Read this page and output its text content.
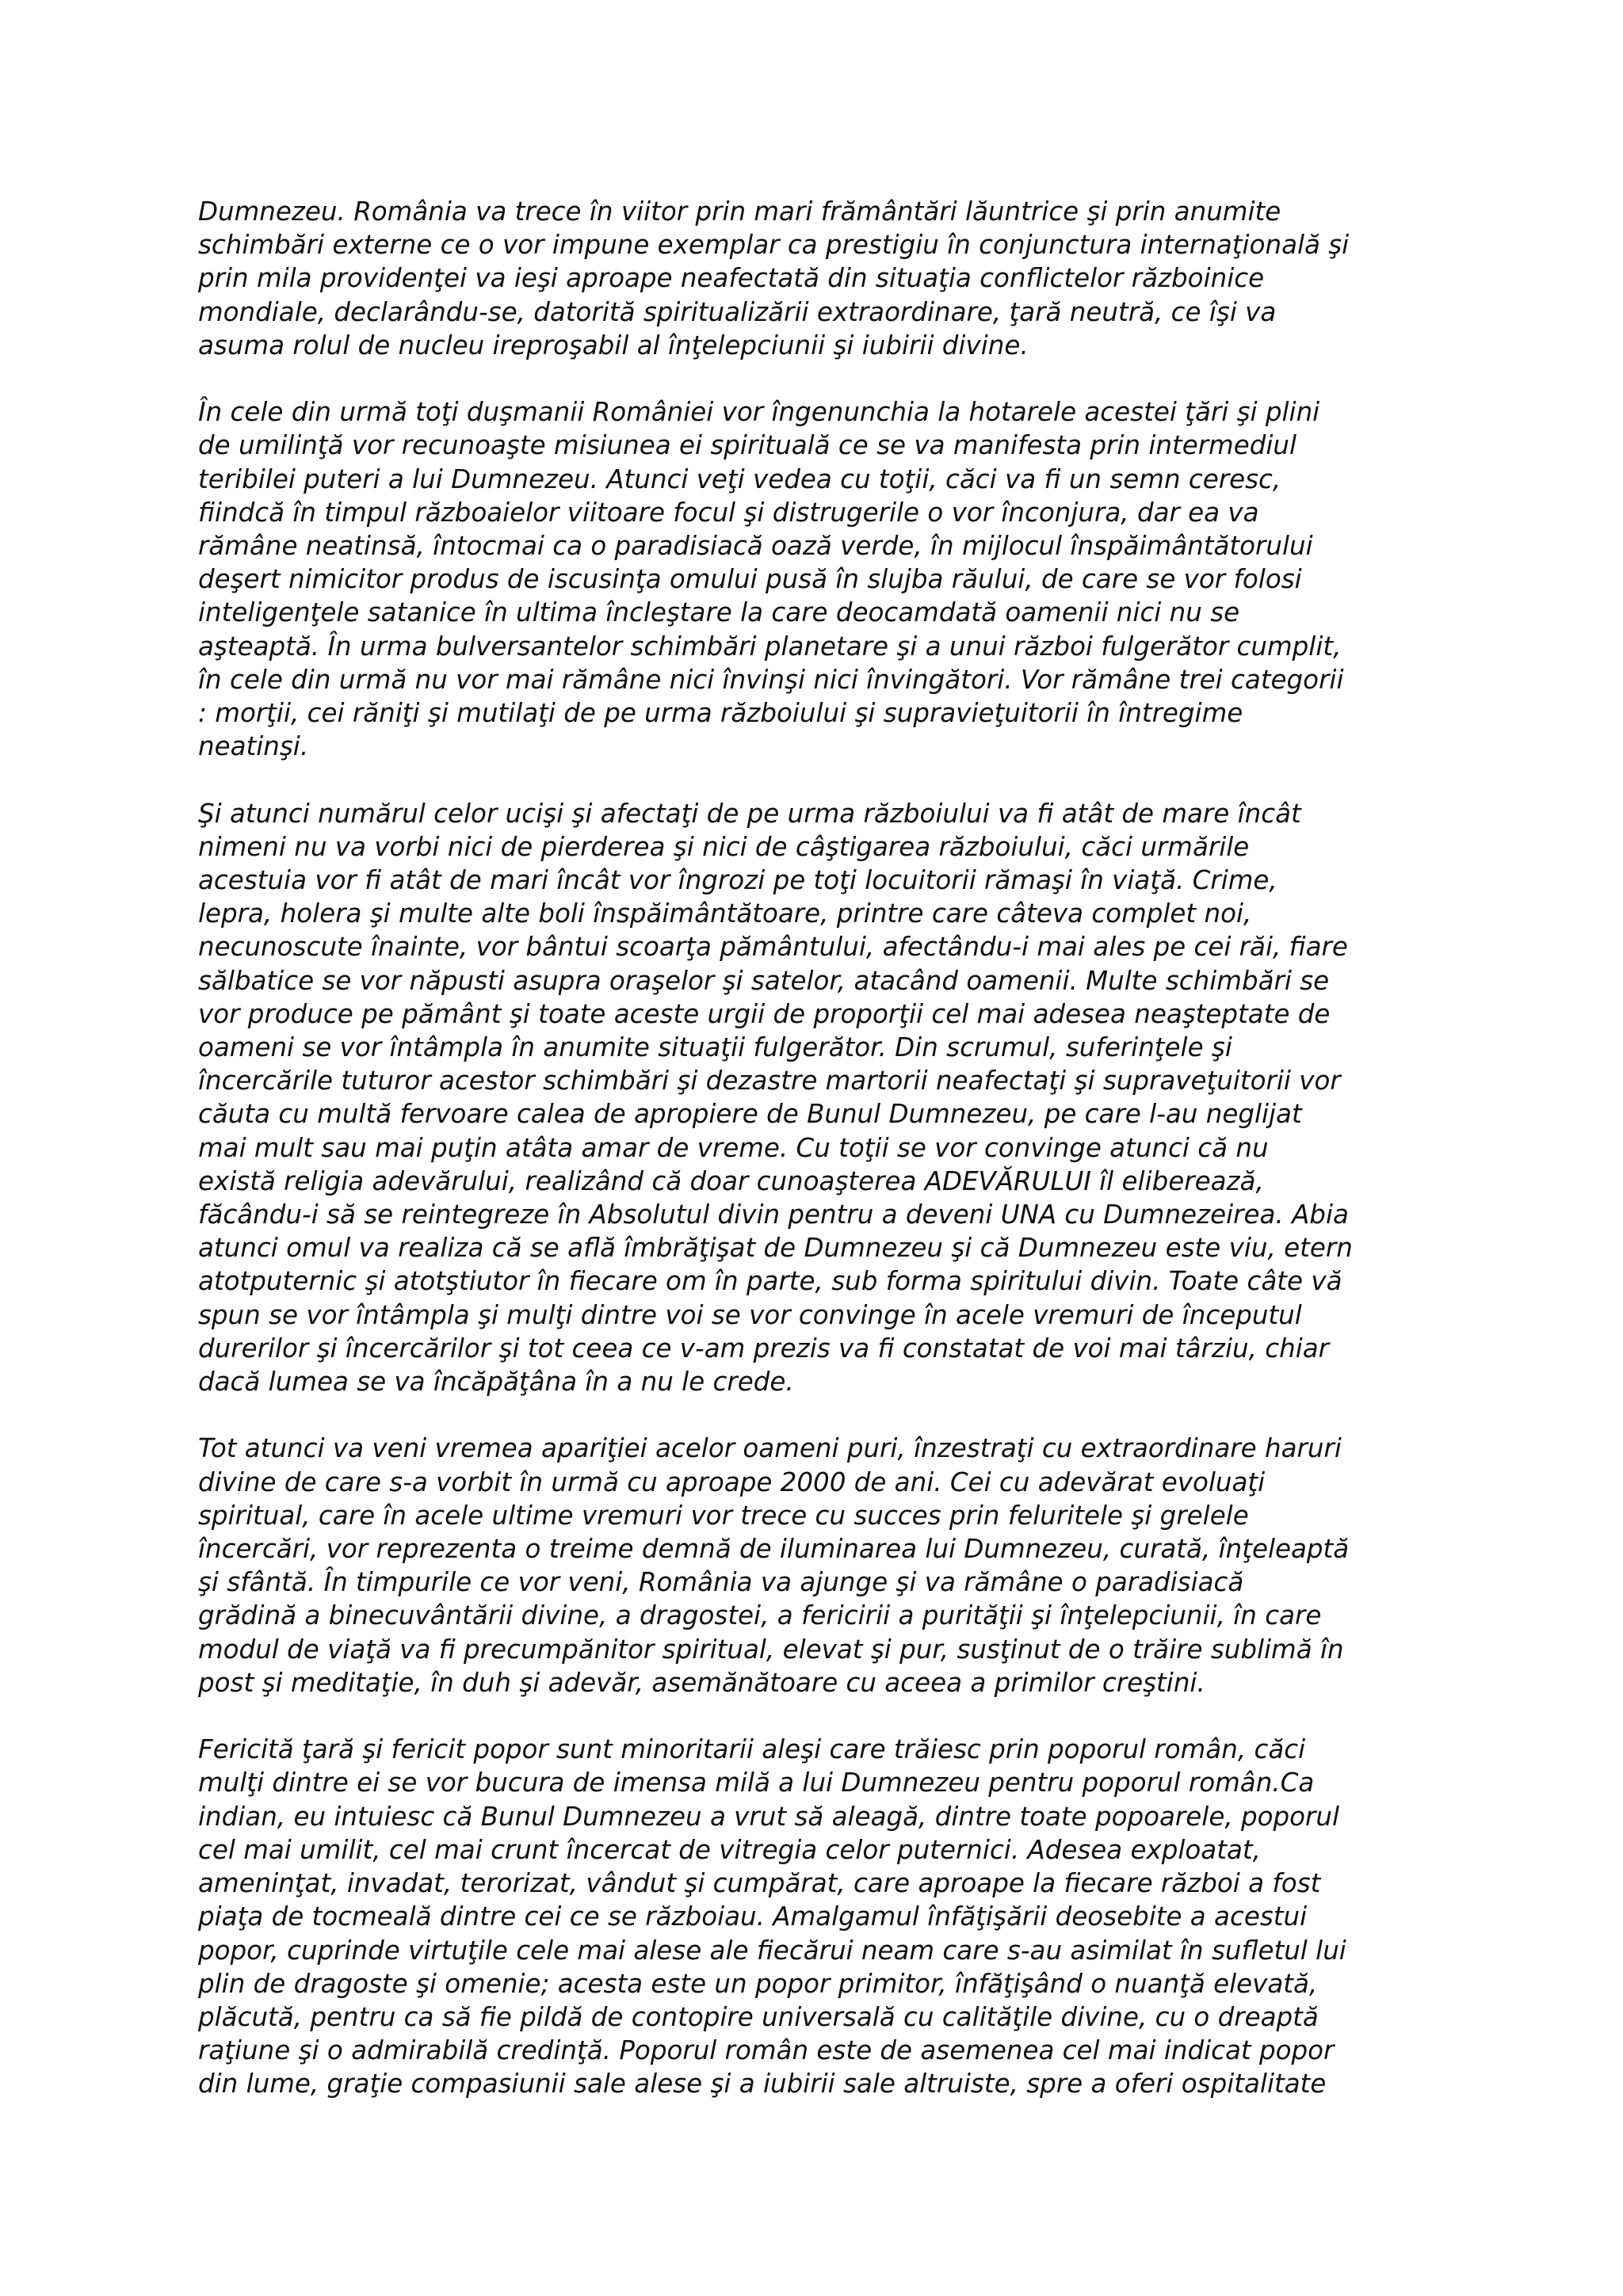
Dumnezeu. România va trece în viitor prin mari frământări lăuntrice şi prin anumite
schimbări externe ce o vor impune exemplar ca prestigiu în conjunctura internaţională şi
prin mila providenţei va ieşi aproape neafectată din situaţia conflictelor războinice
mondiale, declarându-se, datorită spiritualizării extraordinare, ţară neutră, ce îşi va
asuma rolul de nucleu ireproşabil al înţelepciunii şi iubirii divine.

În cele din urmă toţi duşmanii României vor îngenunchia la hotarele acestei ţări şi plini
de umilinţă vor recunoaşte misiunea ei spirituală ce se va manifesta prin intermediul
teribilei puteri a lui Dumnezeu. Atunci veţi vedea cu toţii, căci va fi un semn ceresc,
fiindcă în timpul războaielor viitoare focul şi distrugerile o vor înconjura, dar ea va
rămâne neatinsă, întocmai ca o paradisiacă oază verde, în mijlocul înspăimântătorului
deşert nimicitor produs de iscusinţa omului pusă în slujba răului, de care se vor folosi
inteligenţele satanice în ultima încleştare la care deocamdată oamenii nici nu se
aşteaptă. În urma bulversantelor schimbări planetare şi a unui război fulgerător cumplit,
în cele din urmă nu vor mai rămâne nici învinşi nici învingători. Vor rămâne trei categorii
: morţii, cei răniţi şi mutilaţi de pe urma războiului şi supravieţuitorii în întregime
neatinşi.

Şi atunci numărul celor ucişi şi afectaţi de pe urma războiului va fi atât de mare încât
nimeni nu va vorbi nici de pierderea şi nici de câştigarea războiului, căci urmările
acestuia vor fi atât de mari încât vor îngrozi pe toţi locuitorii rămaşi în viaţă. Crime,
lepra, holera şi multe alte boli înspăimântătoare, printre care câteva complet noi,
necunoscute înainte, vor bântui scoarţa pământului, afectându-i mai ales pe cei răi, fiare
sălbatice se vor năpusti asupra oraşelor şi satelor, atacând oamenii. Multe schimbări se
vor produce pe pământ şi toate aceste urgii de proporţii cel mai adesea neaşteptate de
oameni se vor întâmpla în anumite situaţii fulgerător. Din scrumul, suferinţele şi
încercările tuturor acestor schimbări şi dezastre martorii neafectaţi şi supraveţuitorii vor
căuta cu multă fervoare calea de apropiere de Bunul Dumnezeu, pe care l-au neglijat
mai mult sau mai puţin atâta amar de vreme. Cu toţii se vor convinge atunci că nu
există religia adevărului, realizând că doar cunoaşterea ADEVĂRULUI îl eliberează,
făcându-i să se reintegreze în Absolutul divin pentru a deveni UNA cu Dumnezeirea. Abia
atunci omul va realiza că se află îmbrăţişat de Dumnezeu şi că Dumnezeu este viu, etern
atotputernic şi atotştiutor în fiecare om în parte, sub forma spiritului divin. Toate câte vă
spun se vor întâmpla şi mulţi dintre voi se vor convinge în acele vremuri de începutul
durerilor şi încercărilor şi tot ceea ce v-am prezis va fi constatat de voi mai târziu, chiar
dacă lumea se va încăpăţâna în a nu le crede.

Tot atunci va veni vremea apariţiei acelor oameni puri, înzestraţi cu extraordinare haruri
divine de care s-a vorbit în urmă cu aproape 2000 de ani. Cei cu adevărat evoluaţi
spiritual, care în acele ultime vremuri vor trece cu succes prin feluritele şi grelele
încercări, vor reprezenta o treime demnă de iluminarea lui Dumnezeu, curată, înţeleaptă
şi sfântă. În timpurile ce vor veni, România va ajunge şi va rămâne o paradisiacă
grădină a binecuvântării divine, a dragostei, a fericirii a purităţii şi înţelepciunii, în care
modul de viaţă va fi precumpănitor spiritual, elevat şi pur, susţinut de o trăire sublimă în
post şi meditaţie, în duh şi adevăr, asemănătoare cu aceea a primilor creştini.

Fericită ţară şi fericit popor sunt minoritarii aleşi care trăiesc prin poporul român, căci
mulţi dintre ei se vor bucura de imensa milă a lui Dumnezeu pentru poporul român.Ca
indian, eu intuiesc că Bunul Dumnezeu a vrut să aleagă, dintre toate popoarele, poporul
cel mai umilit, cel mai crunt încercat de vitregia celor puternici. Adesea exploatat,
ameninţat, invadat, terorizat, vândut şi cumpărat, care aproape la fiecare război a fost
piaţa de tocmeală dintre cei ce se războiau. Amalgamul înfăţişării deosebite a acestui
popor, cuprinde virtuţile cele mai alese ale fiecărui neam care s-au asimilat în sufletul lui
plin de dragoste şi omenie; acesta este un popor primitor, înfăţişând o nuanţă elevată,
plăcută, pentru ca să fie pildă de contopire universală cu calităţile divine, cu o dreaptă
raţiune şi o admirabilă credinţă. Poporul român este de asemenea cel mai indicat popor
din lume, graţie compasiunii sale alese şi a iubirii sale altruiste, spre a oferi ospitalitate
